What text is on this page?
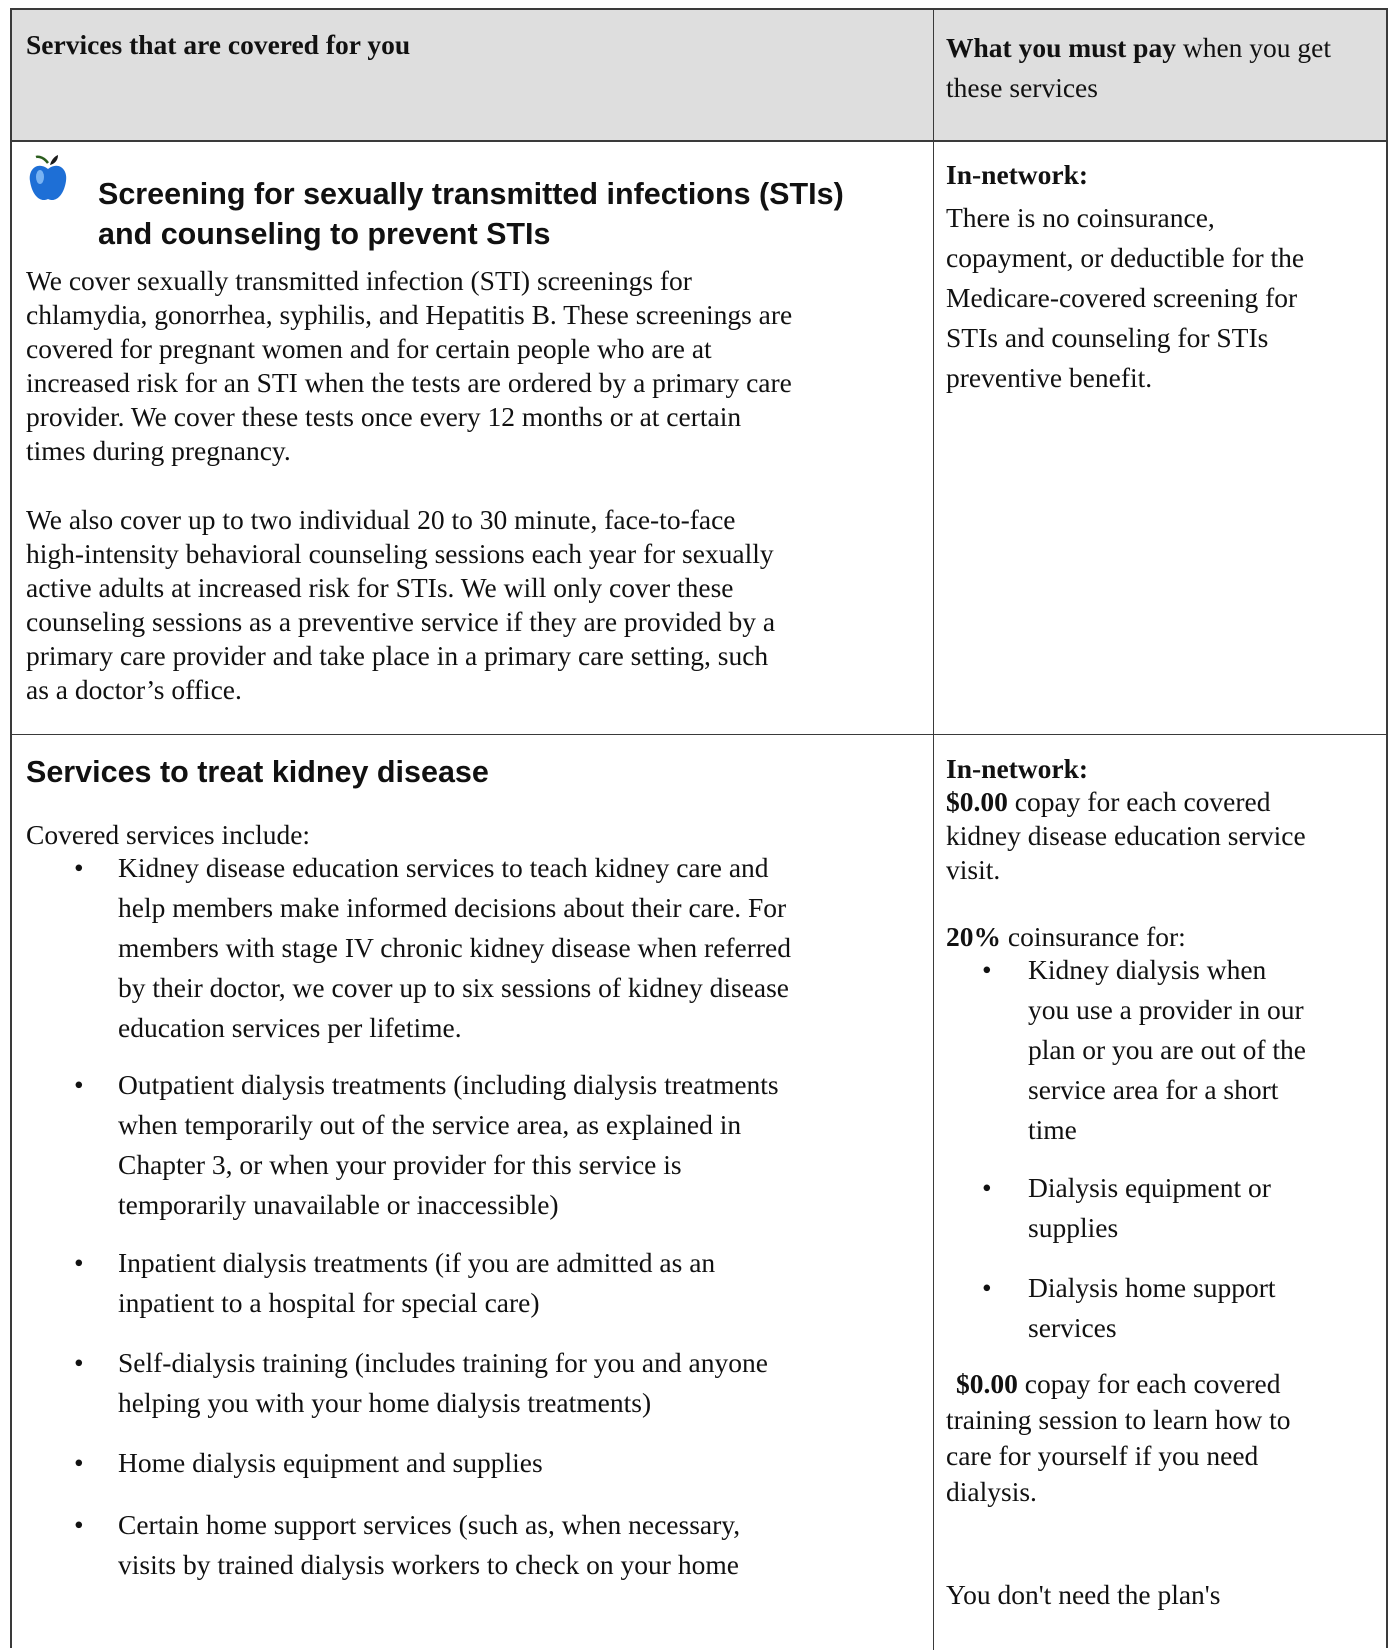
Services that are covered for you	What you must pay when you get these services
Screening for sexually transmitted infections (STIs)
and counseling to prevent STIs
We cover sexually transmitted infection (STI) screenings for
chlamydia, gonorrhea, syphilis, and Hepatitis B. These screenings are
covered for pregnant women and for certain people who are at
increased risk for an STI when the tests are ordered by a primary care
provider. We cover these tests once every 12 months or at certain
times during pregnancy.
We also cover up to two individual 20 to 30 minute, face-to-face
high-intensity behavioral counseling sessions each year for sexually
active adults at increased risk for STIs. We will only cover these
counseling sessions as a preventive service if they are provided by a
primary care provider and take place in a primary care setting, such
as a doctor’s office.
In-network:
There is no coinsurance,
copayment, or deductible for the
Medicare-covered screening for
STIs and counseling for STIs
preventive benefit.
Services to treat kidney disease
Covered services include:
• Kidney disease education services to teach kidney care and
help members make informed decisions about their care. For
members with stage IV chronic kidney disease when referred
by their doctor, we cover up to six sessions of kidney disease
education services per lifetime.
• Outpatient dialysis treatments (including dialysis treatments
when temporarily out of the service area, as explained in
Chapter 3, or when your provider for this service is
temporarily unavailable or inaccessible)
• Inpatient dialysis treatments (if you are admitted as an
inpatient to a hospital for special care)
• Self-dialysis training (includes training for you and anyone
helping you with your home dialysis treatments)
• Home dialysis equipment and supplies
• Certain home support services (such as, when necessary,
visits by trained dialysis workers to check on your home
In-network:
$0.00 copay for each covered
kidney disease education service
visit.
20% coinsurance for:
• Kidney dialysis when
you use a provider in our
plan or you are out of the
service area for a short
time
• Dialysis equipment or
supplies
• Dialysis home support
services
$0.00 copay for each covered
training session to learn how to
care for yourself if you need
dialysis.
You don't need the plan's
